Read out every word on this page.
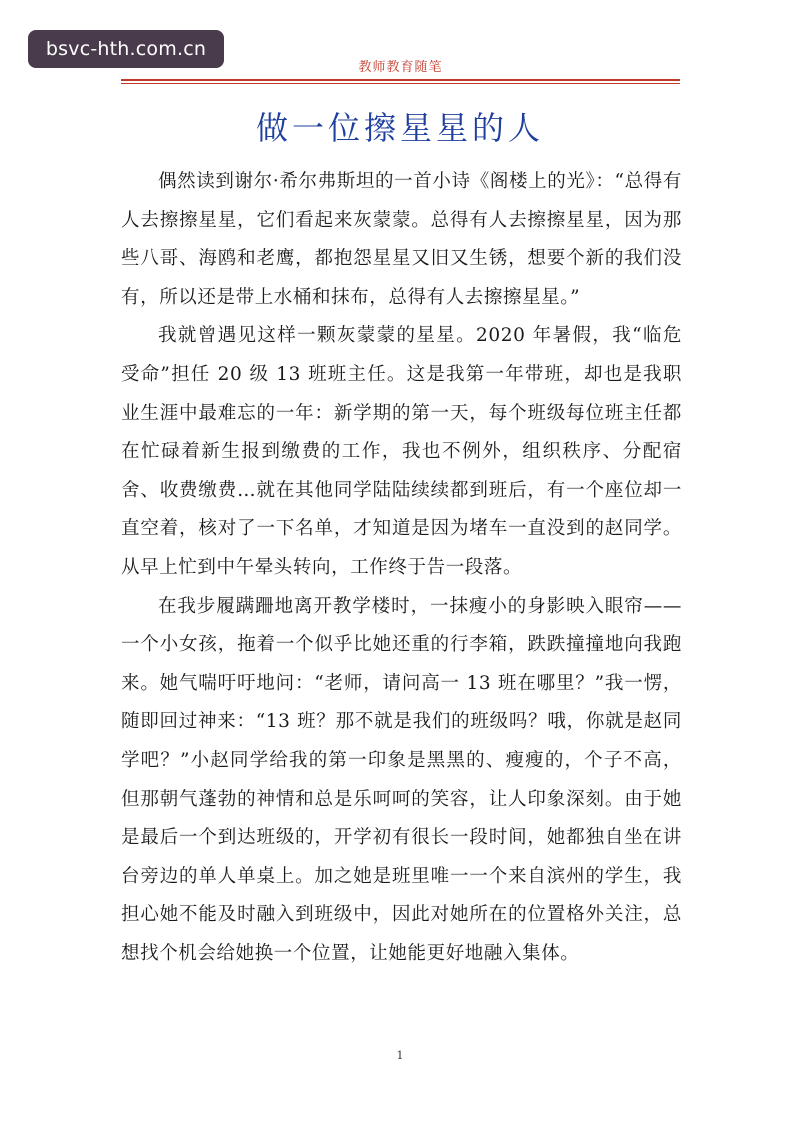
bsvc-hth.com.cn
教师教育随笔
做一位擦星星的人

偶然读到谢尔·希尔弗斯坦的一首小诗《阁楼上的光》：“总得有人去擦擦星星，它们看起来灰蒙蒙。总得有人去擦擦星星，因为那些八哥、海鸥和老鹰，都抱怨星星又旧又生锈，想要个新的我们没有，所以还是带上水桶和抹布，总得有人去擦擦星星。”

我就曾遇见这样一颗灰蒙蒙的星星。2020 年暑假，我“临危受命”担任 20 级 13 班班主任。这是我第一年带班，却也是我职业生涯中最难忘的一年：新学期的第一天，每个班级每位班主任都在忙碌着新生报到缴费的工作，我也不例外，组织秩序、分配宿舍、收费缴费…就在其他同学陆陆续续都到班后，有一个座位却一直空着，核对了一下名单，才知道是因为堵车一直没到的赵同学。从早上忙到中午晕头转向，工作终于告一段落。

在我步履蹒跚地离开教学楼时，一抹瘦小的身影映入眼帘——一个小女孩，拖着一个似乎比她还重的行李箱，跌跌撞撞地向我跑来。她气喘吁吁地问：“老师，请问高一 13 班在哪里？”我一愣，随即回过神来：“13 班？那不就是我们的班级吗？哦，你就是赵同学吧？”小赵同学给我的第一印象是黑黑的、瘦瘦的，个子不高，但那朝气蓬勃的神情和总是乐呵呵的笑容，让人印象深刻。由于她是最后一个到达班级的，开学初有很长一段时间，她都独自坐在讲台旁边的单人单桌上。加之她是班里唯一一个来自滨州的学生，我担心她不能及时融入到班级中，因此对她所在的位置格外关注，总想找个机会给她换一个位置，让她能更好地融入集体。

1
